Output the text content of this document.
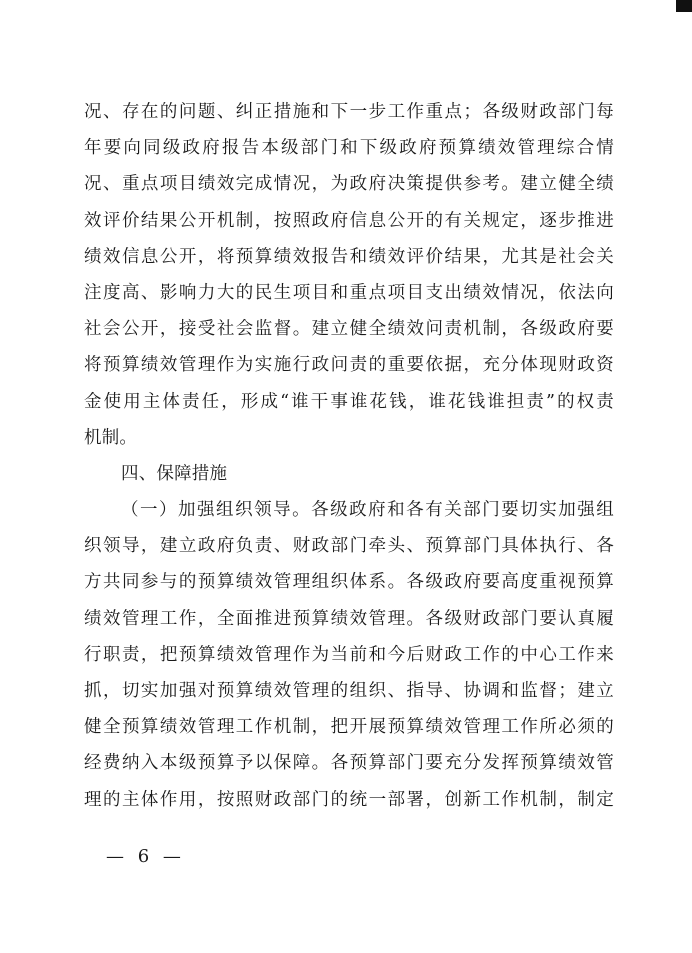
况、存在的问题、纠正措施和下一步工作重点；各级财政部门每
年要向同级政府报告本级部门和下级政府预算绩效管理综合情
况、重点项目绩效完成情况，为政府决策提供参考。建立健全绩
效评价结果公开机制，按照政府信息公开的有关规定，逐步推进
绩效信息公开，将预算绩效报告和绩效评价结果，尤其是社会关
注度高、影响力大的民生项目和重点项目支出绩效情况，依法向
社会公开，接受社会监督。建立健全绩效问责机制，各级政府要
将预算绩效管理作为实施行政问责的重要依据，充分体现财政资
金使用主体责任，形成“谁干事谁花钱，谁花钱谁担责”的权责
机制。
四、保障措施
（一）加强组织领导。各级政府和各有关部门要切实加强组
织领导，建立政府负责、财政部门牵头、预算部门具体执行、各
方共同参与的预算绩效管理组织体系。各级政府要高度重视预算
绩效管理工作，全面推进预算绩效管理。各级财政部门要认真履
行职责，把预算绩效管理作为当前和今后财政工作的中心工作来
抓，切实加强对预算绩效管理的组织、指导、协调和监督；建立
健全预算绩效管理工作机制，把开展预算绩效管理工作所必须的
经费纳入本级预算予以保障。各预算部门要充分发挥预算绩效管
理的主体作用，按照财政部门的统一部署，创新工作机制，制定
— 6 —
